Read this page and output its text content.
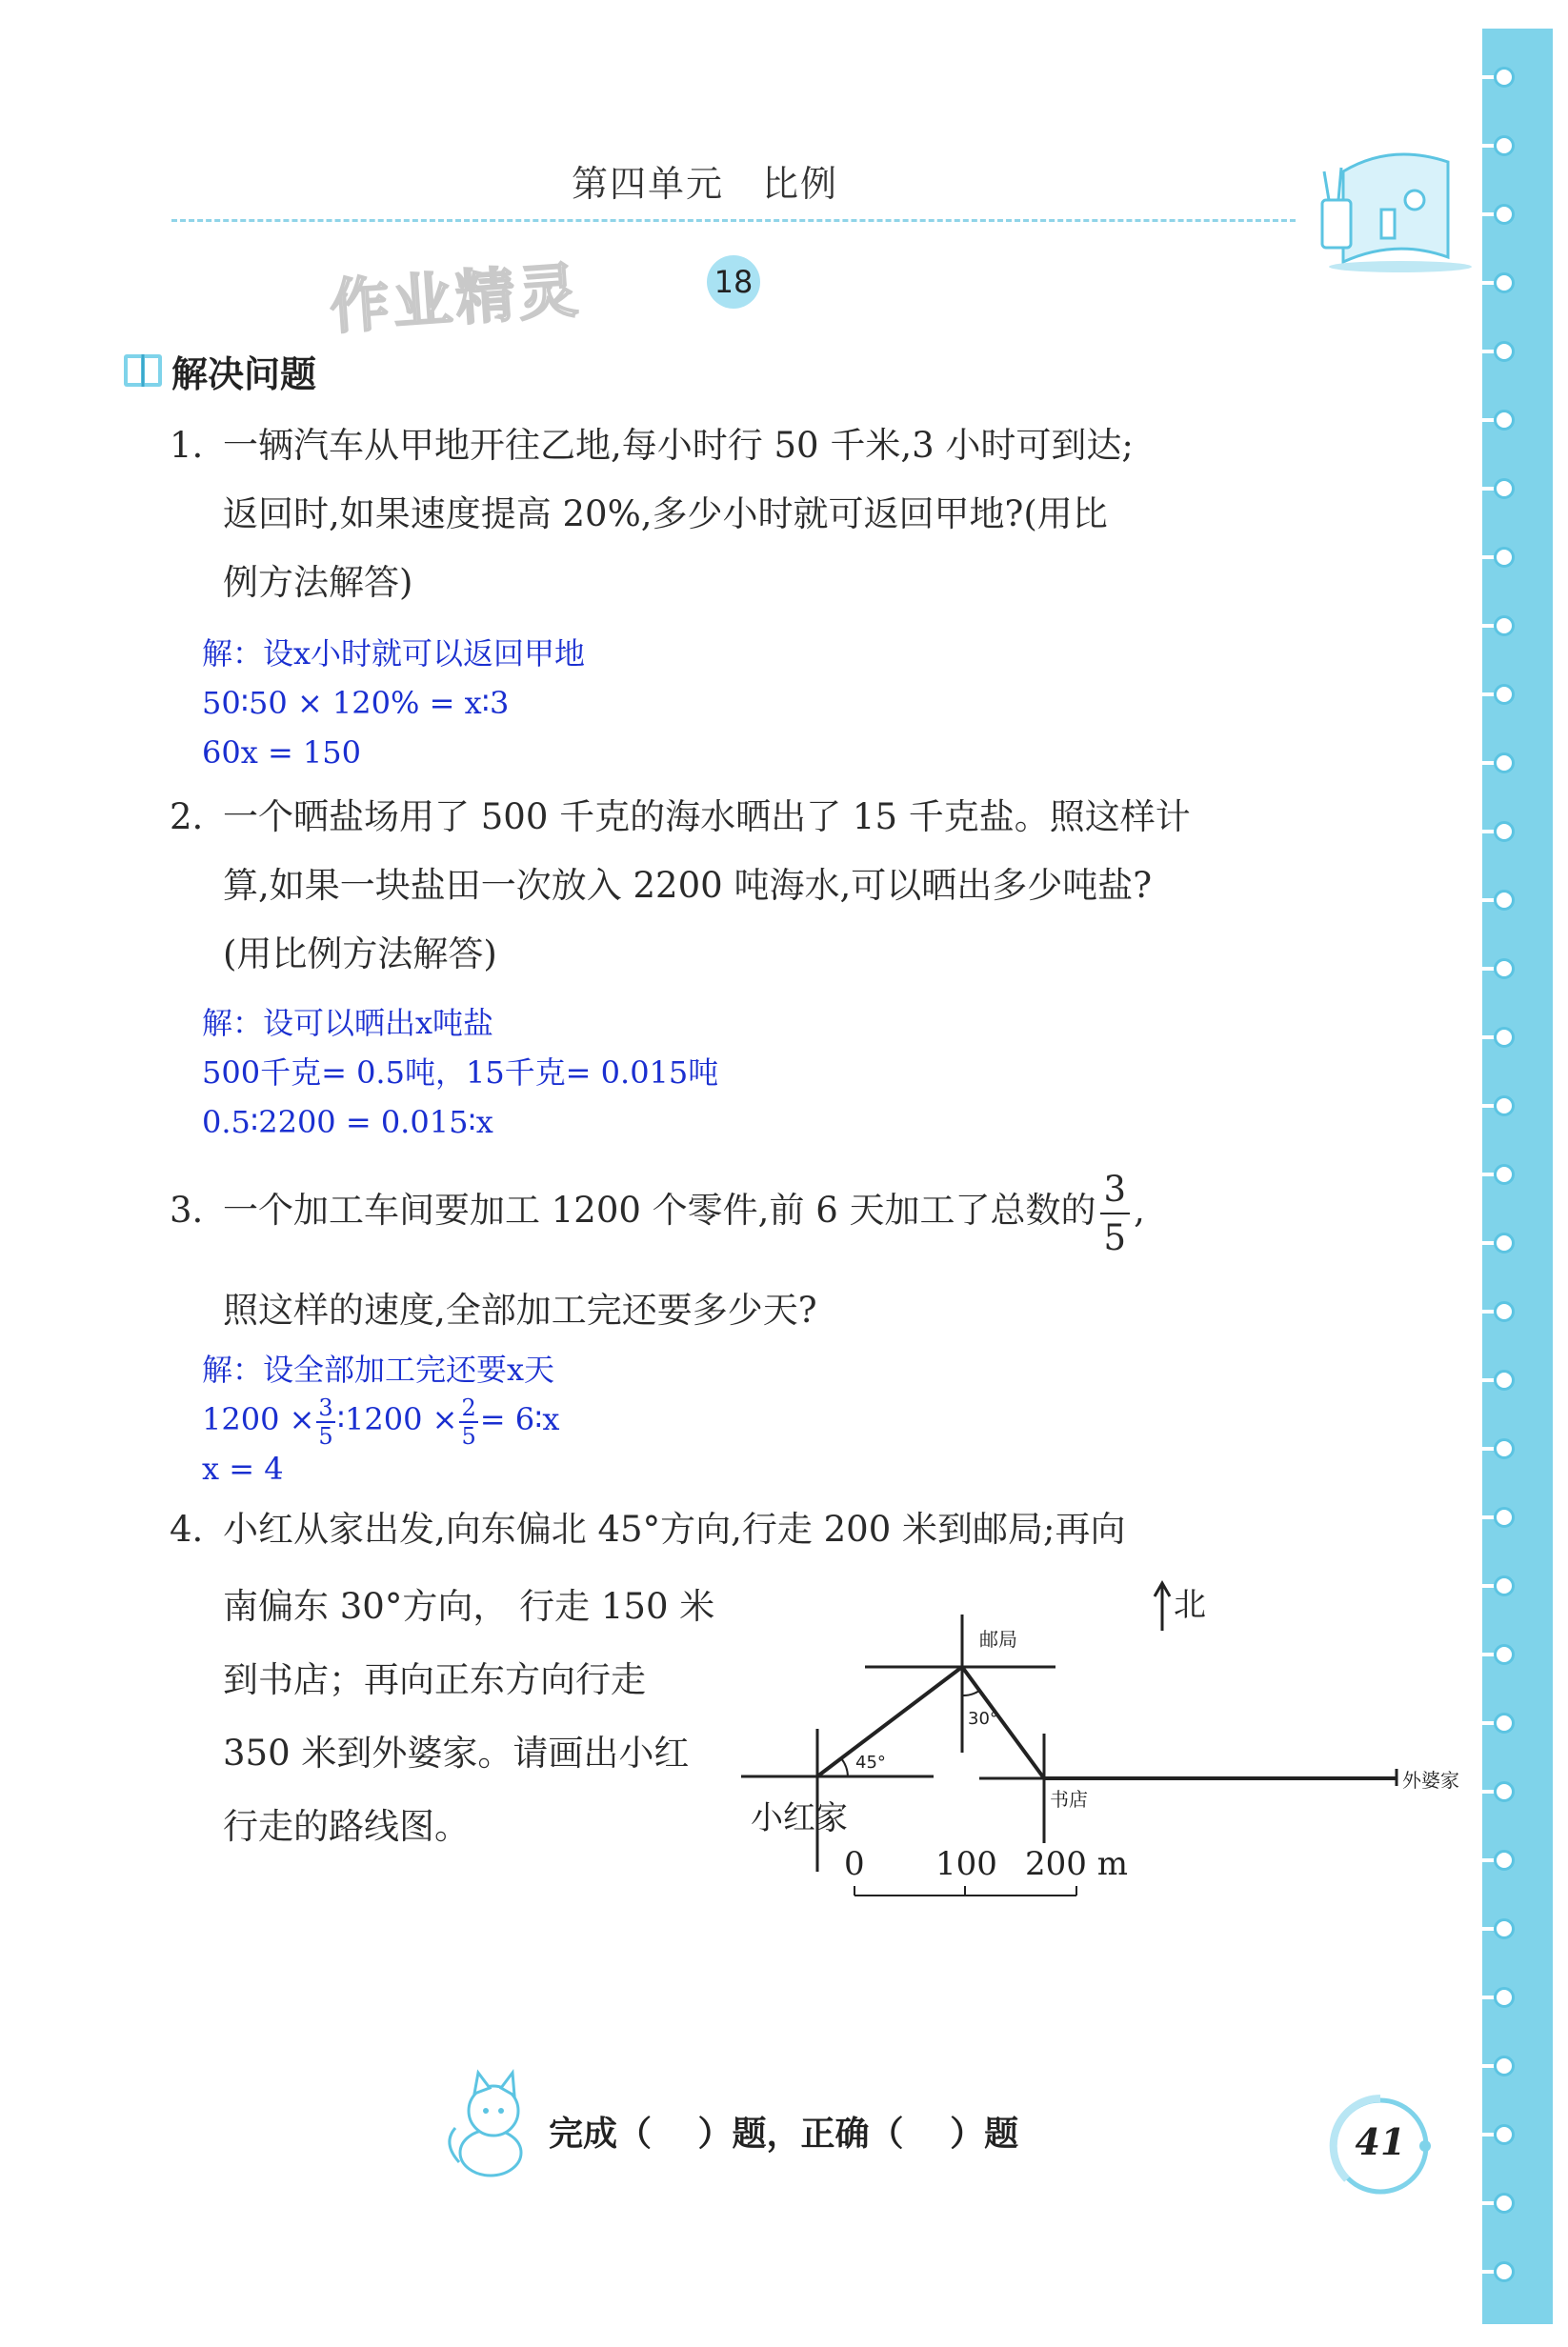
第四单元　比例
作业精灵	18
解决问题
1. 一辆汽车从甲地开往乙地,每小时行 50 千米,3 小时可到达;
返回时,如果速度提高 20%,多少小时就可返回甲地?(用比
例方法解答)
解：设x小时就可以返回甲地
50∶50 × 120% = x∶3
60x = 150
2. 一个晒盐场用了 500 千克的海水晒出了 15 千克盐。照这样计
算,如果一块盐田一次放入 2200 吨海水,可以晒出多少吨盐?
(用比例方法解答)
解：设可以晒出x吨盐
500千克= 0.5吨，15千克= 0.015吨
0.5∶2200 = 0.015∶x
3. 一个加工车间要加工 1200 个零件,前 6 天加工了总数的 $\frac{3}{5}$ ,
照这样的速度,全部加工完还要多少天?
解：设全部加工完还要x天
$1200 \times \frac{3}{5}$ ∶1200 × $\frac{2}{5}$ = 6∶x
x = 4
4. 小红从家出发,向东偏北 45°方向,行走 200 米到邮局;再向
南偏东 30°方向， 行走 150 米
到书店；再向正东方向行走
350 米到外婆家。请画出小红
行走的路线图。
北
邮局
30°
45°
书店
外婆家
小红家
0 100 200 m
完成（　 ）题，正确（　 ）题	41
